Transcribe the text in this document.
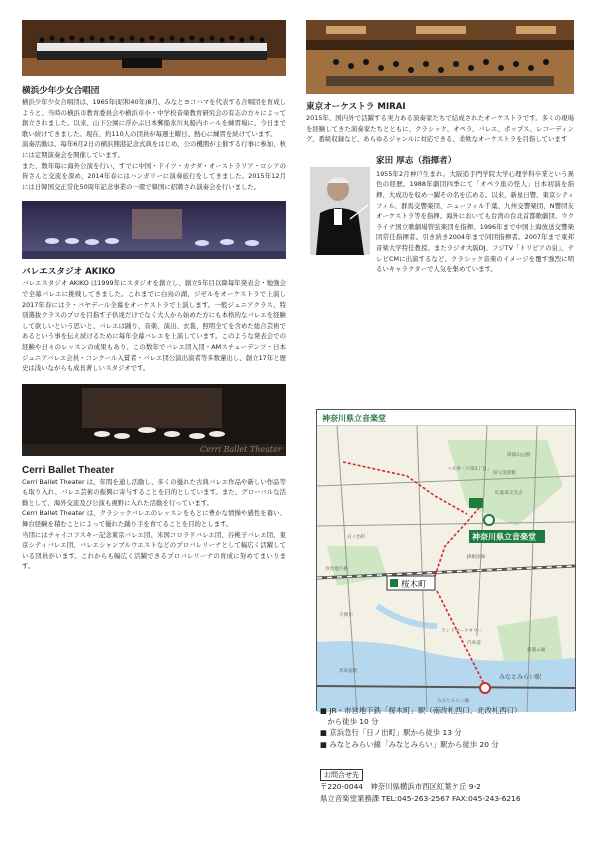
横浜少年少女合唱団

横浜少年少女合唱団は、1965年(昭和40年)8月、みなとヨコハマを代表する合唱団を育成しようと、当時の横浜市教育委員会や横浜市小・中学校音楽教育研究会の有志の方々によって創立されました。以来、山下公園に浮かぶ日本郵船氷川丸船内ホールを練習場に、今日まで歌い続けてきました。現在、約110人の団員が毎週土曜日、熱心に練習を続けています。

演奏活動は、毎年6月2日の横浜開港記念式典をはじめ、公の機関が主催する行事に参加、秋には定期演奏会を開催しています。

また、数年毎に海外公演を行い、すでに中国・ドイツ・カナダ・オーストラリア・ロシアの皆さんと交流を深め、2014年春にはハンガリーに演奏旅行をしてきました。2015年12月には日韓国交正常化50周年記念事業の一環で韓国に招聘され演奏会を行いました。

バレエスタジオ AKIKO

バレエスタジオ AKIKO は1999年にスタジオを創立し、創立5年目以降毎年発表会・勉強会で全幕バレエに挑戦してきました。これまでに白鳥の湖、ジゼルをオーケストラで上演し2017年春にはラ・バヤデール全幕をオーケストラで上演します。一般ジュニアクラス、特別選抜クラスのプロを目指す子供達だけでなく大人から始めた方にも本格的なバレエを経験して欲しいという思いと、バレエは踊り、音楽、演出、衣裳、照明全てを含めた総合芸術であるという事を伝え続けるために毎年全幕バレエを上演しています。このような発表会での経験や日々のレッスンの成果もあり、この数年でバレエ団入団・AMスチューデンツ・日本ジュニアバレエ会員・コンクール入賞者・バレエ団公演出演者等多数輩出し、創立17年と歴史は浅いながらも成長著しいスタジオです。

Cerri Ballet Theater

Cerri Ballet Theater

Cerri Ballet Theater は、年間を通し活動し、多くの優れた古典バレエ作品や新しい作品等も取り入れ、バレエ芸術の振興に寄与することを目的としています。また、グローバルな活動として、海外交流及び公演も視野に入れた活動を行っています。

Cerri Ballet Theater は、クラシックバレエのレッスンをもとに豊かな情操や感性を養い、舞台経験を積むことによって優れた踊り手を育てることを目的とします。

当団にはチャイコフスキー記念東京バレエ団、米国コロラドバレエ団、谷桃子バレエ団、東京シティバレエ団、バレエシャンブルウエストなどのプロバレリーナとして幅広く活躍している団員がいます。これからも幅広く活躍できるプロバレリーナの育成に努めてまいります。

東京オーケストラ MIRAI

2015年、国内外で活躍する実力ある演奏家たちで結成されたオーケストラです。多くの現場を経験してきた演奏家たちとともに、クラシック、オペラ、バレエ、ポップス、レコーディング、番組収録など、あらゆるジャンルに対応できる、柔軟なオーケストラを目指しています

家田 厚志（指揮者）

1955年2月神戸生まれ。大阪追手門学院大学心理学科卒業という異色の経歴。1988年劇団四季にて「オペラ座の怪人」日本初演を指揮、大成功を収め一躍その名を広める。以来、新星日響、東京シティフィル、群馬交響楽団、ニューフィル千葉、九州交響楽団、N響団友オーケストラ等を指揮。海外においても台湾の台北首都歌劇団、ウクライナ国立歌劇場管弦楽団を指揮。1996年まで中国上海放送交響楽団常任指揮者。引き続き2004年まで同団指揮者。2007年まで東邦音楽大学特任教授。またラジオ大阪DJ、フジTV「トリビアの泉」、テレビCMに出演するなど、クラシック音楽のイメージを覆す強烈に明るいキャラクターで人気を集めています。

神奈川県立音楽堂
神奈川県立音楽堂
桜木町
みなとみらい駅
バス停「戸部1丁目」
紅葉坂交差点
大岡川
新港ふ頭
県立図書館
JR根岸線
みなとみらい線
掃部山公園
ランドマークタワー
市営地下鉄
汽車道
日ノ出町
馬車道駅
■ JR・市営地下鉄「桜木町」駅（南改札西口、北改札西口）
　から徒歩 10 分
■ 京浜急行「日ノ出町」駅から徒歩 13 分
■ みなとみらい線「みなとみらい」駅から徒歩 20 分
お問合せ先
〒220-0044　神奈川県横浜市西区紅葉ケ丘 9-2
県立音楽堂業務課 TEL:045-263-2567 FAX:045-243-6216
